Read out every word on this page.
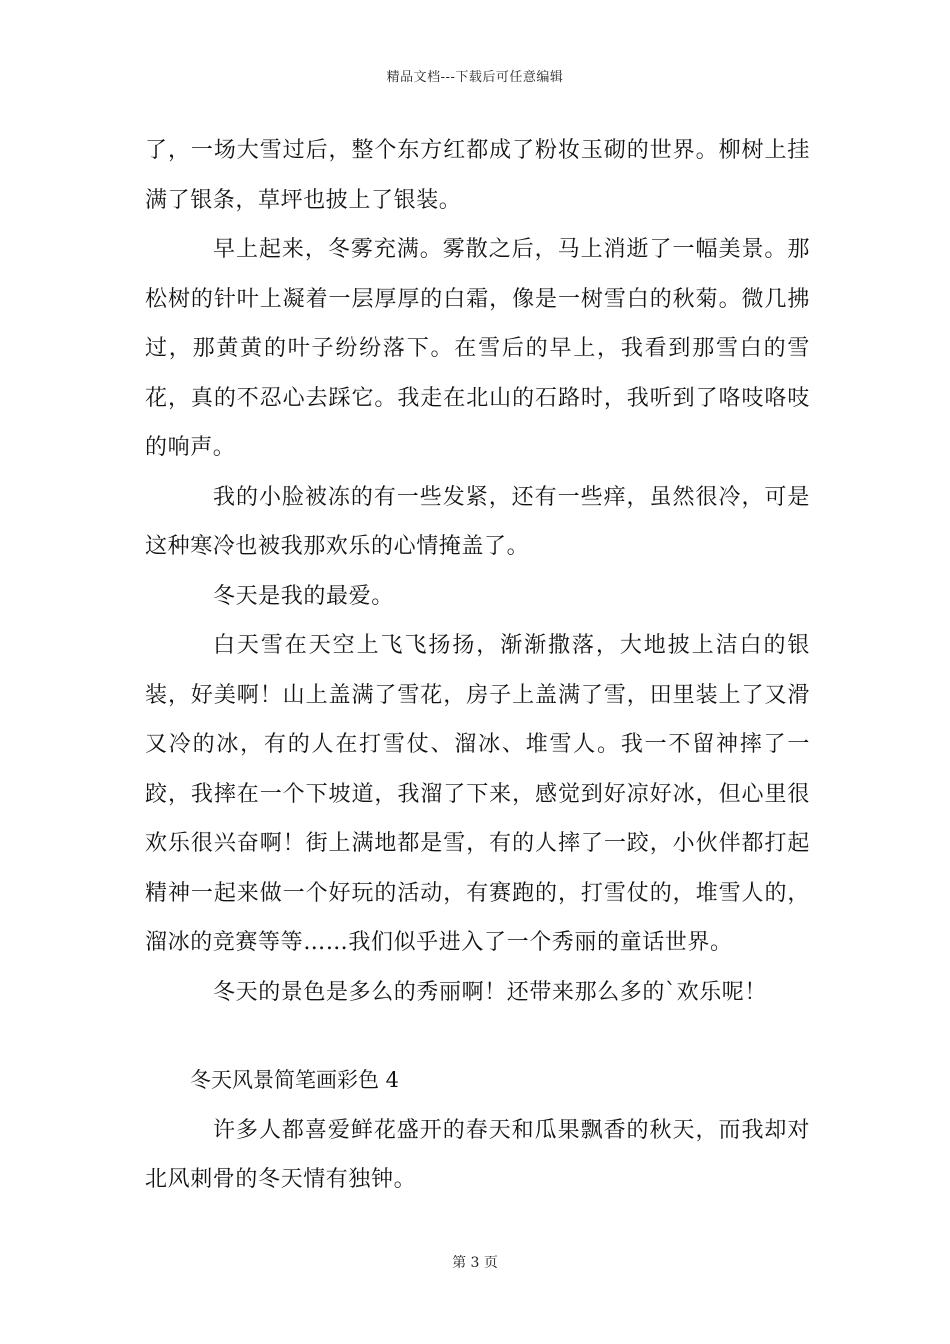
精品文档---下载后可任意编辑

了，一场大雪过后，整个东方红都成了粉妆玉砌的世界。柳树上挂满了银条，草坪也披上了银装。

早上起来，冬雾充满。雾散之后，马上消逝了一幅美景。那松树的针叶上凝着一层厚厚的白霜，像是一树雪白的秋菊。微几拂过，那黄黄的叶子纷纷落下。在雪后的早上，我看到那雪白的雪花，真的不忍心去踩它。我走在北山的石路时，我听到了咯吱咯吱的响声。

我的小脸被冻的有一些发紧，还有一些痒，虽然很冷，可是这种寒冷也被我那欢乐的心情掩盖了。

冬天是我的最爱。

白天雪在天空上飞飞扬扬，渐渐撒落，大地披上洁白的银装，好美啊！山上盖满了雪花，房子上盖满了雪，田里装上了又滑又冷的冰，有的人在打雪仗、溜冰、堆雪人。我一不留神摔了一跤，我摔在一个下坡道，我溜了下来，感觉到好凉好冰，但心里很欢乐很兴奋啊！街上满地都是雪，有的人摔了一跤，小伙伴都打起精神一起来做一个好玩的活动，有赛跑的，打雪仗的，堆雪人的，溜冰的竞赛等等……我们似乎进入了一个秀丽的童话世界。

冬天的景色是多么的秀丽啊！还带来那么多的`欢乐呢！

冬天风景简笔画彩色 4

许多人都喜爱鲜花盛开的春天和瓜果飘香的秋天，而我却对北风刺骨的冬天情有独钟。

第 3 页
